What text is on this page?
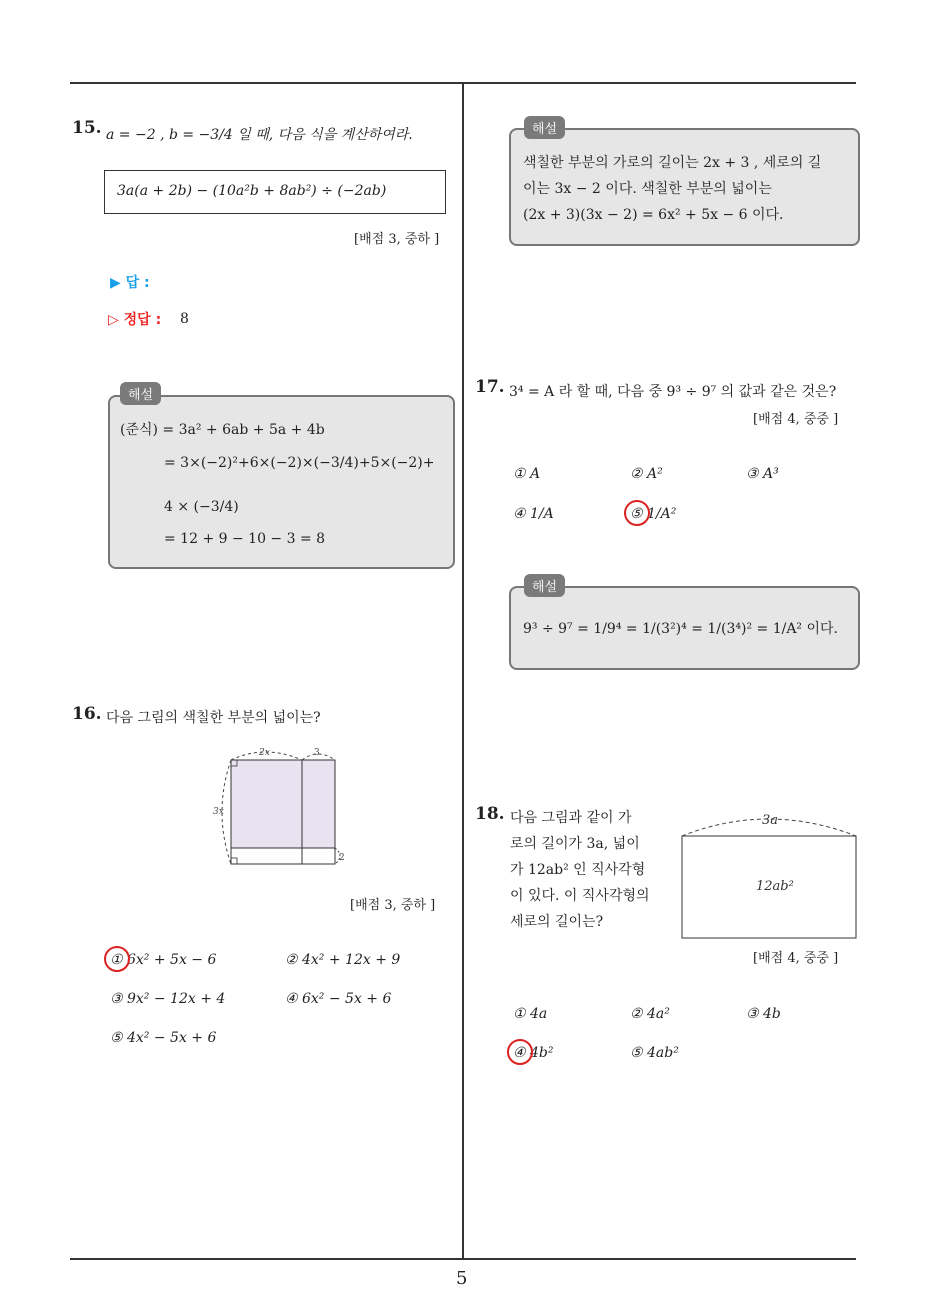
15. a = −2 , b = −3/4 일 때, 다음 식을 계산하여라.
3a(a + 2b) − (10a²b + 8ab²) ÷ (−2ab)
[배점 3, 중하 ]
▶ 답 :
▷ 정답 : 8
(준식) = 3a² + 6ab + 5a + 4b
= 3×(−2)²+6×(−2)×(−3/4)+5×(−2)+
4 × (−3/4)
= 12 + 9 − 10 − 3 = 8
해설
16. 다음 그림의 색칠한 부분의 넓이는?
2x	3
3x
2
[배점 3, 중하 ]
① 6x² + 5x − 6	② 4x² + 12x + 9
③ 9x² − 12x + 4	④ 6x² − 5x + 6
⑤ 4x² − 5x + 6
색칠한 부분의 가로의 길이는 2x + 3 , 세로의 길
이는 3x − 2 이다. 색칠한 부분의 넓이는
(2x + 3)(3x − 2) = 6x² + 5x − 6 이다.
해설
17. 3⁴ = A 라 할 때, 다음 중 9³ ÷ 9⁷ 의 값과 같은 것은?
[배점 4, 중중 ]
① A	② A²	③ A³
④ 1/A	⑤ 1/A²
9³ ÷ 9⁷ = 1/9⁴ = 1/(3²)⁴ = 1/(3⁴)² = 1/A² 이다.
해설
18. 다음 그림과 같이 가
로의 길이가 3a, 넓이
가 12ab² 인 직사각형
이 있다. 이 직사각형의
세로의 길이는?
3a
12ab²
[배점 4, 중중 ]
① 4a	② 4a²	③ 4b
④ 4b²	⑤ 4ab²
5
